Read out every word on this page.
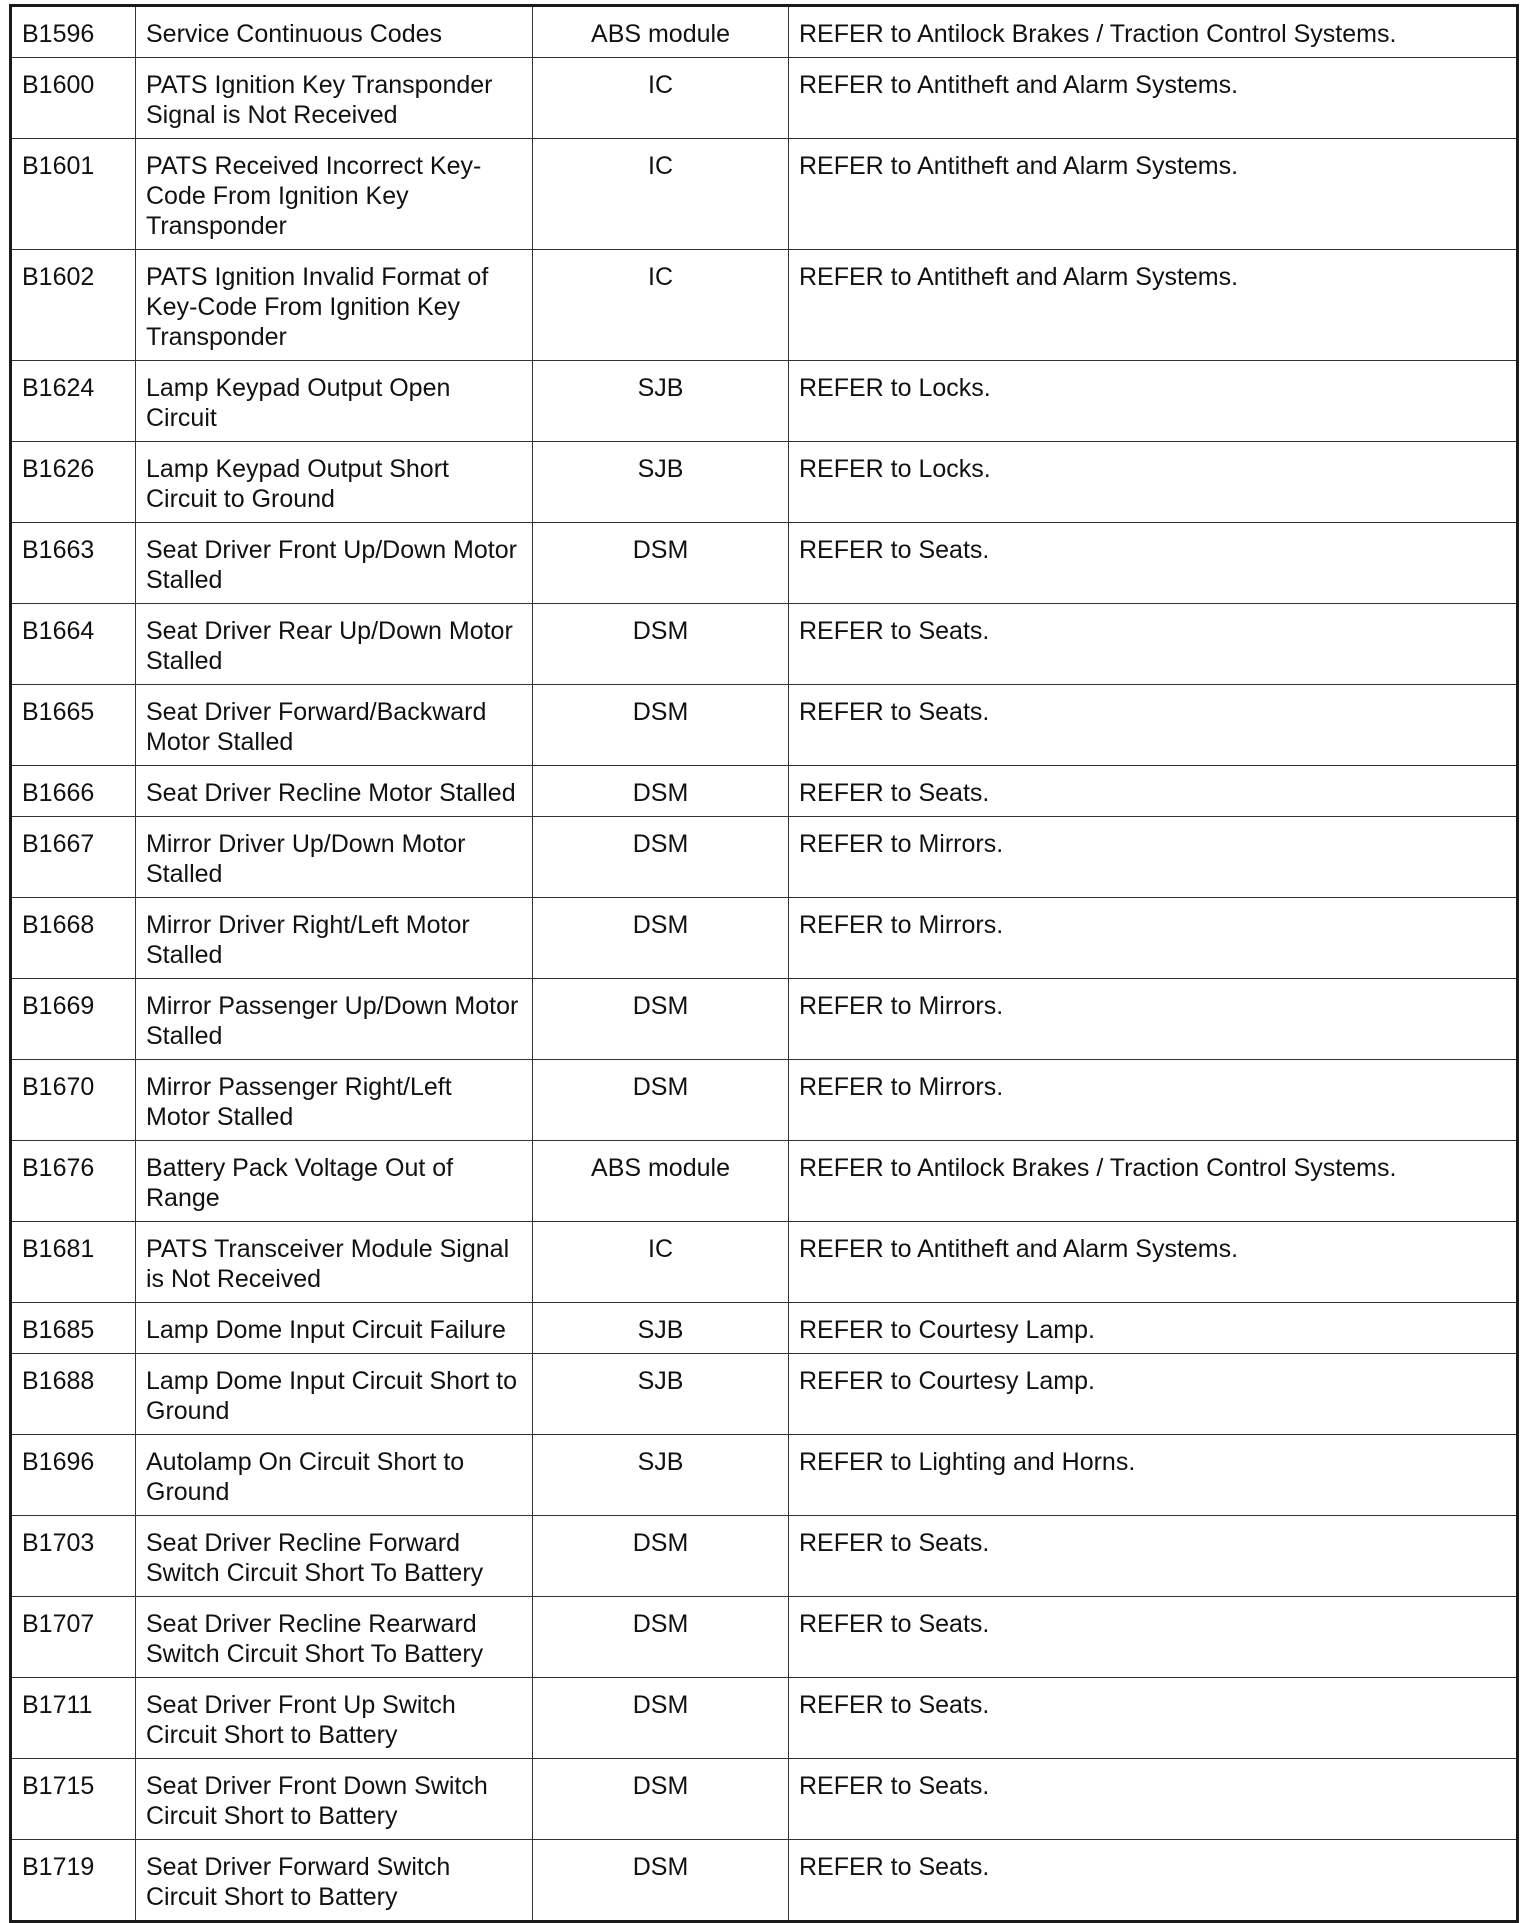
B1596	Service Continuous Codes	ABS module	REFER to Antilock Brakes / Traction Control Systems.
B1600	PATS Ignition Key Transponder Signal is Not Received	IC	REFER to Antitheft and Alarm Systems.
B1601	PATS Received Incorrect Key-Code From Ignition Key Transponder	IC	REFER to Antitheft and Alarm Systems.
B1602	PATS Ignition Invalid Format of Key-Code From Ignition Key Transponder	IC	REFER to Antitheft and Alarm Systems.
B1624	Lamp Keypad Output Open Circuit	SJB	REFER to Locks.
B1626	Lamp Keypad Output Short Circuit to Ground	SJB	REFER to Locks.
B1663	Seat Driver Front Up/Down Motor Stalled	DSM	REFER to Seats.
B1664	Seat Driver Rear Up/Down Motor Stalled	DSM	REFER to Seats.
B1665	Seat Driver Forward/Backward Motor Stalled	DSM	REFER to Seats.
B1666	Seat Driver Recline Motor Stalled	DSM	REFER to Seats.
B1667	Mirror Driver Up/Down Motor Stalled	DSM	REFER to Mirrors.
B1668	Mirror Driver Right/Left Motor Stalled	DSM	REFER to Mirrors.
B1669	Mirror Passenger Up/Down Motor Stalled	DSM	REFER to Mirrors.
B1670	Mirror Passenger Right/Left Motor Stalled	DSM	REFER to Mirrors.
B1676	Battery Pack Voltage Out of Range	ABS module	REFER to Antilock Brakes / Traction Control Systems.
B1681	PATS Transceiver Module Signal is Not Received	IC	REFER to Antitheft and Alarm Systems.
B1685	Lamp Dome Input Circuit Failure	SJB	REFER to Courtesy Lamp.
B1688	Lamp Dome Input Circuit Short to Ground	SJB	REFER to Courtesy Lamp.
B1696	Autolamp On Circuit Short to Ground	SJB	REFER to Lighting and Horns.
B1703	Seat Driver Recline Forward Switch Circuit Short To Battery	DSM	REFER to Seats.
B1707	Seat Driver Recline Rearward Switch Circuit Short To Battery	DSM	REFER to Seats.
B1711	Seat Driver Front Up Switch Circuit Short to Battery	DSM	REFER to Seats.
B1715	Seat Driver Front Down Switch Circuit Short to Battery	DSM	REFER to Seats.
B1719	Seat Driver Forward Switch Circuit Short to Battery	DSM	REFER to Seats.
